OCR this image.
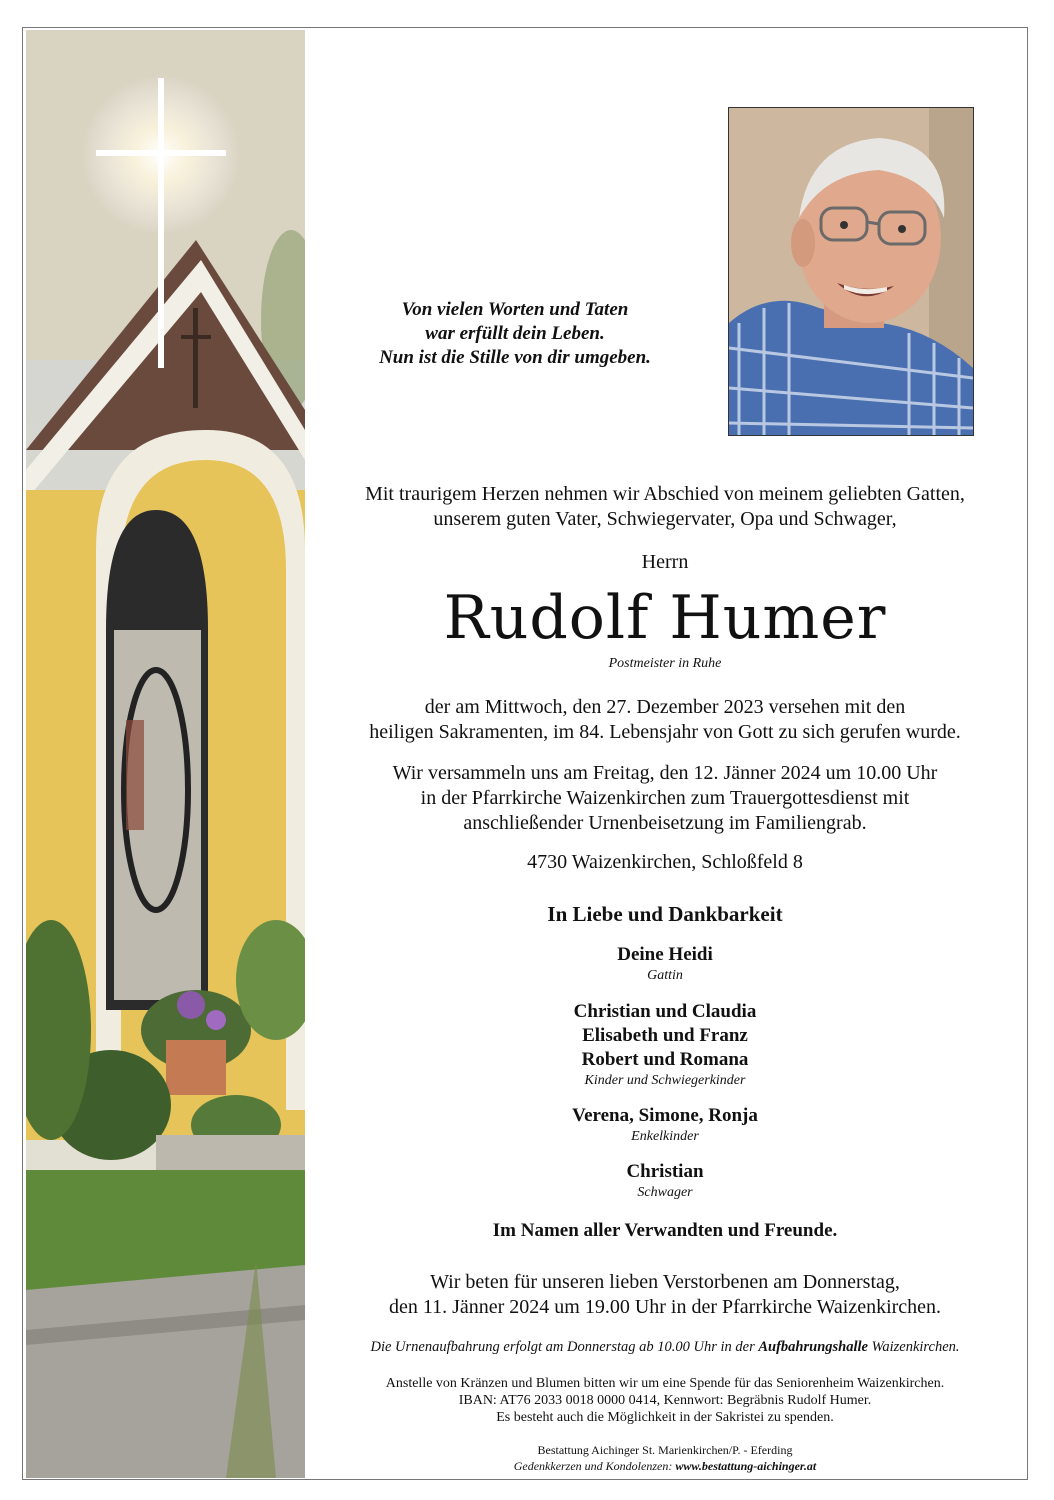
Von vielen Worten und Taten
war erfüllt dein Leben.
Nun ist die Stille von dir umgeben.
Mit traurigem Herzen nehmen wir Abschied von meinem geliebten Gatten,
unserem guten Vater, Schwiegervater, Opa und Schwager,
Herrn
Rudolf Humer
Postmeister in Ruhe
der am Mittwoch, den 27. Dezember 2023 versehen mit den
heiligen Sakramenten, im 84. Lebensjahr von Gott zu sich gerufen wurde.
Wir versammeln uns am Freitag, den 12. Jänner 2024 um 10.00 Uhr
in der Pfarrkirche Waizenkirchen zum Trauergottesdienst mit
anschließender Urnenbeisetzung im Familiengrab.
4730 Waizenkirchen, Schloßfeld 8
In Liebe und Dankbarkeit
Deine Heidi
Gattin
Christian und Claudia
Elisabeth und Franz
Robert und Romana
Kinder und Schwiegerkinder
Verena, Simone, Ronja
Enkelkinder
Christian
Schwager
Im Namen aller Verwandten und Freunde.
Wir beten für unseren lieben Verstorbenen am Donnerstag,
den 11. Jänner 2024 um 19.00 Uhr in der Pfarrkirche Waizenkirchen.
Die Urnenaufbahrung erfolgt am Donnerstag ab 10.00 Uhr in der Aufbahrungshalle Waizenkirchen.
Anstelle von Kränzen und Blumen bitten wir um eine Spende für das Seniorenheim Waizenkirchen.
IBAN: AT76 2033 0018 0000 0414, Kennwort: Begräbnis Rudolf Humer.
Es besteht auch die Möglichkeit in der Sakristei zu spenden.
Bestattung Aichinger St. Marienkirchen/P. - Eferding
Gedenkkerzen und Kondolenzen: www.bestattung-aichinger.at
